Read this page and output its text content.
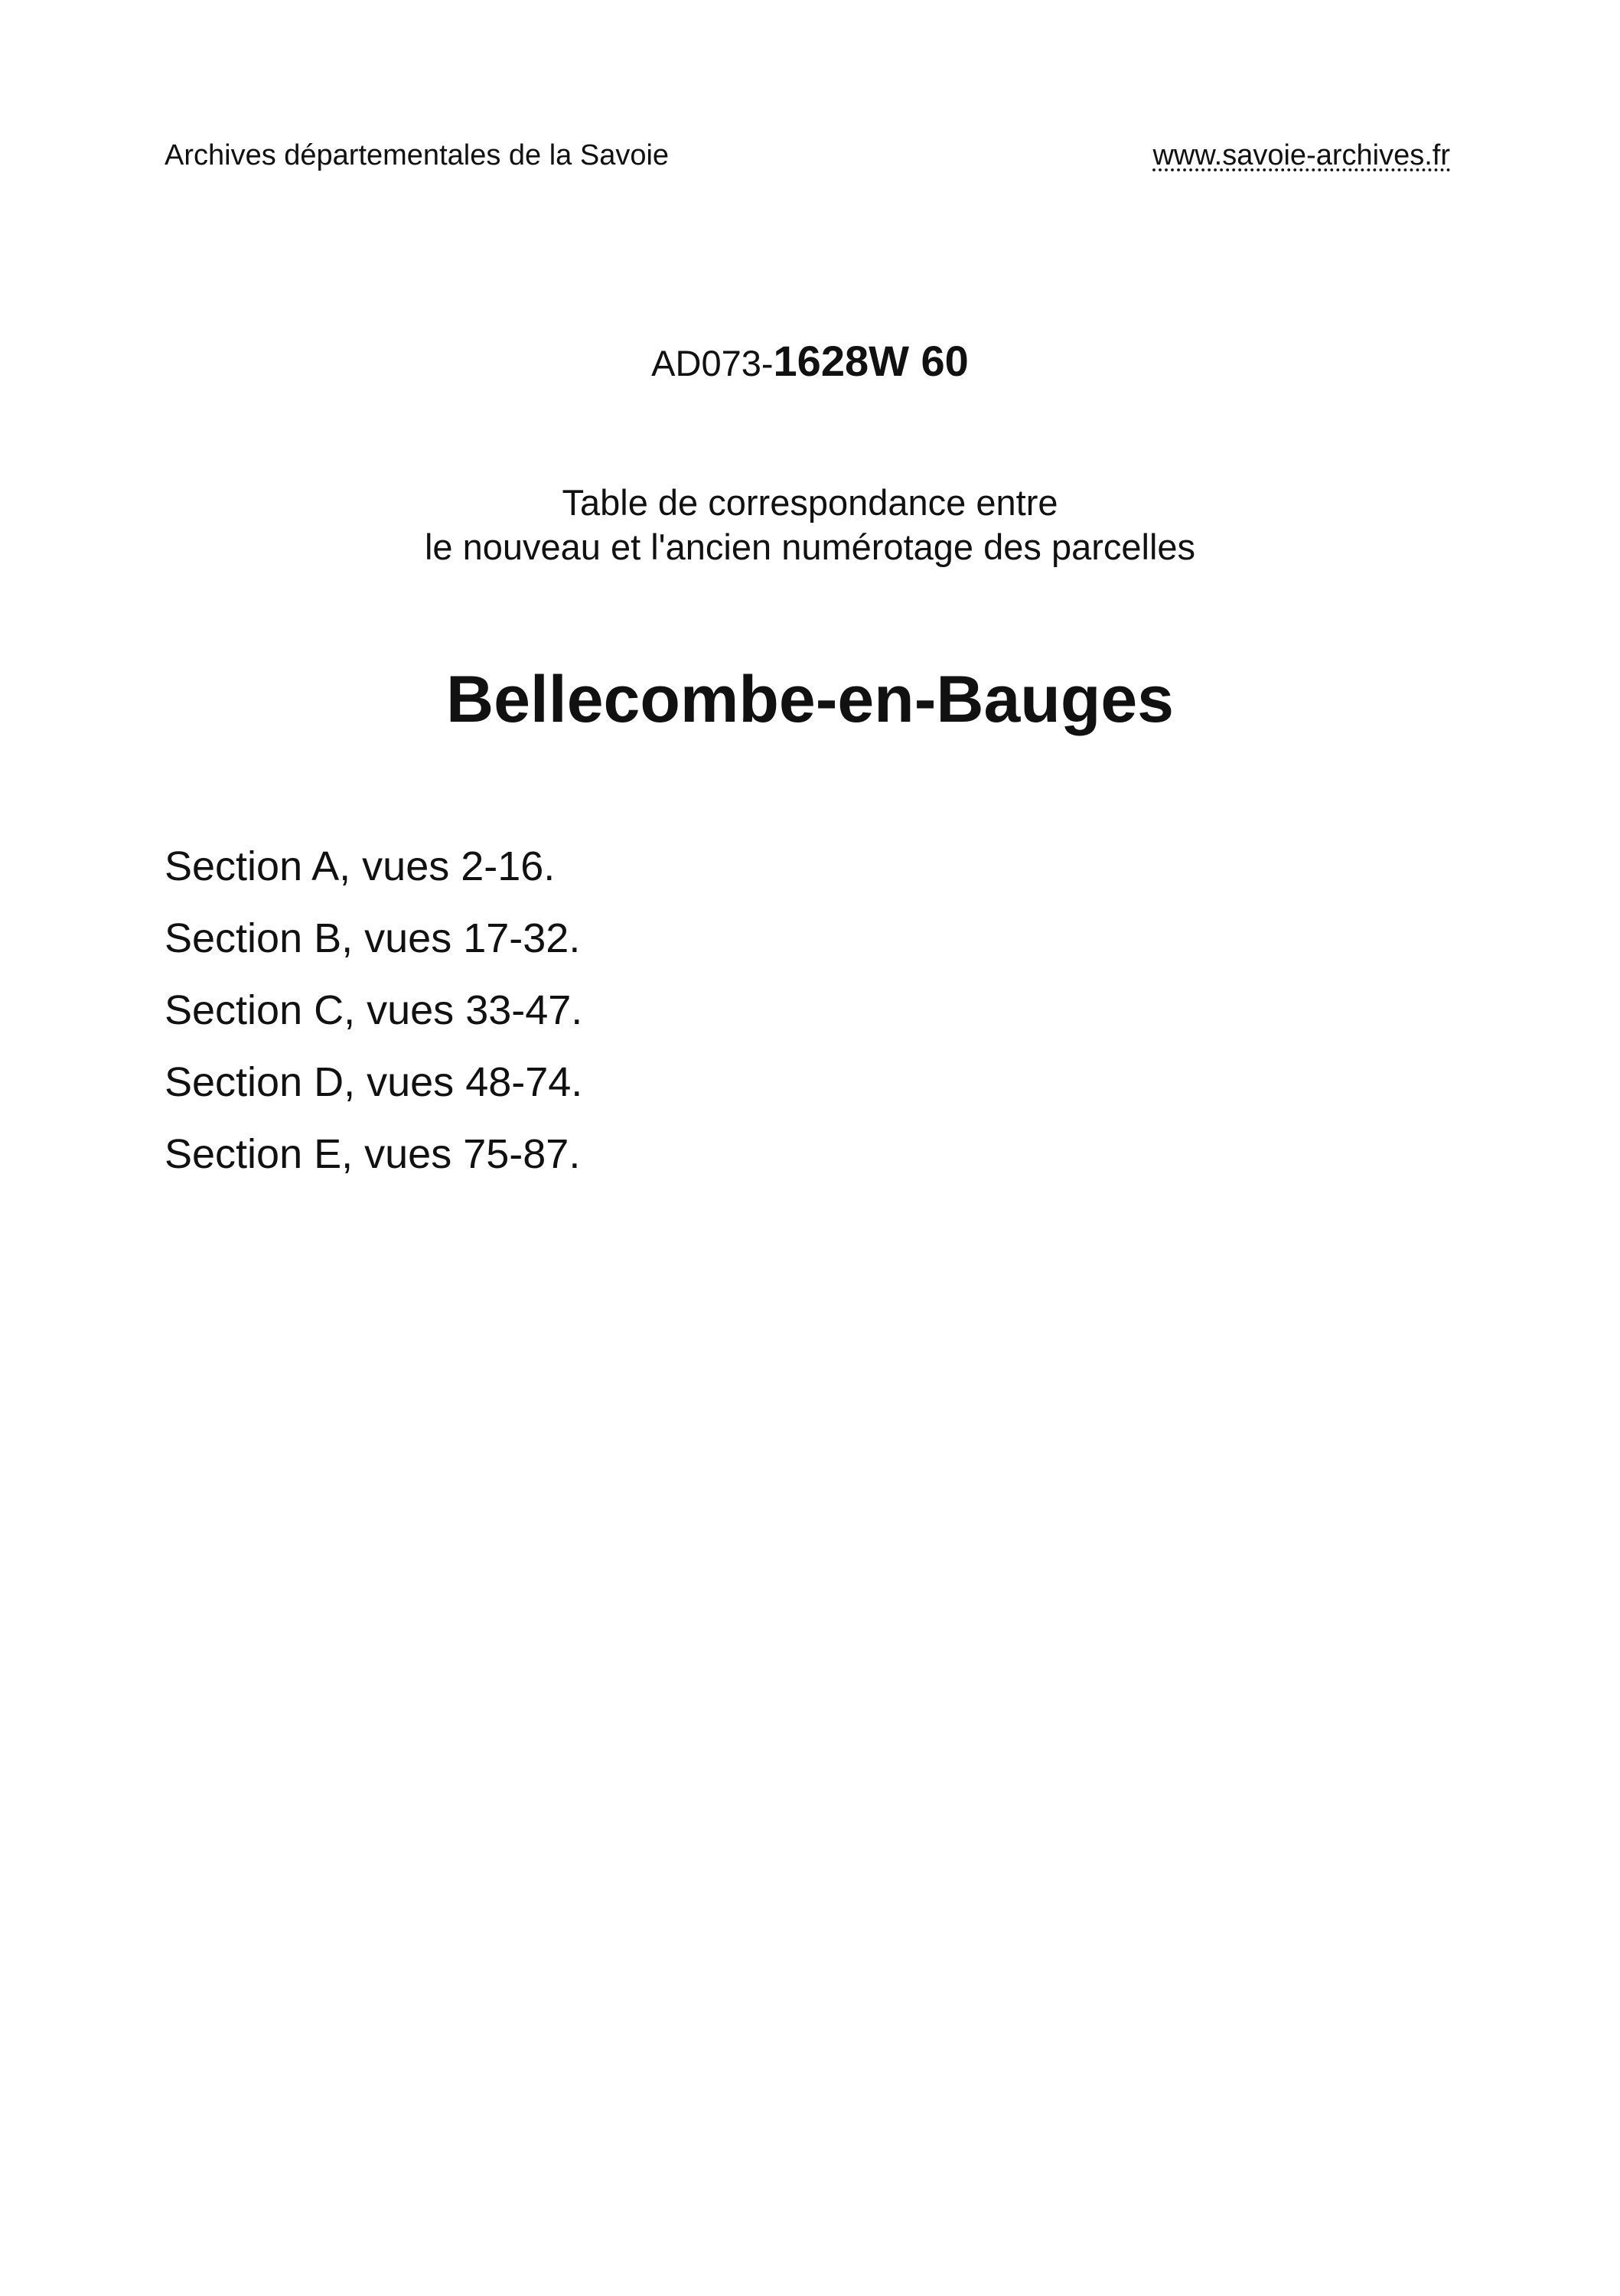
Archives départementales de la Savoie	www.savoie-archives.fr
AD073-1628W 60
Table de correspondance entre
le nouveau et l'ancien numérotage des parcelles
Bellecombe-en-Bauges
Section A, vues 2-16.
Section B, vues 17-32.
Section C, vues 33-47.
Section D, vues 48-74.
Section E, vues 75-87.
